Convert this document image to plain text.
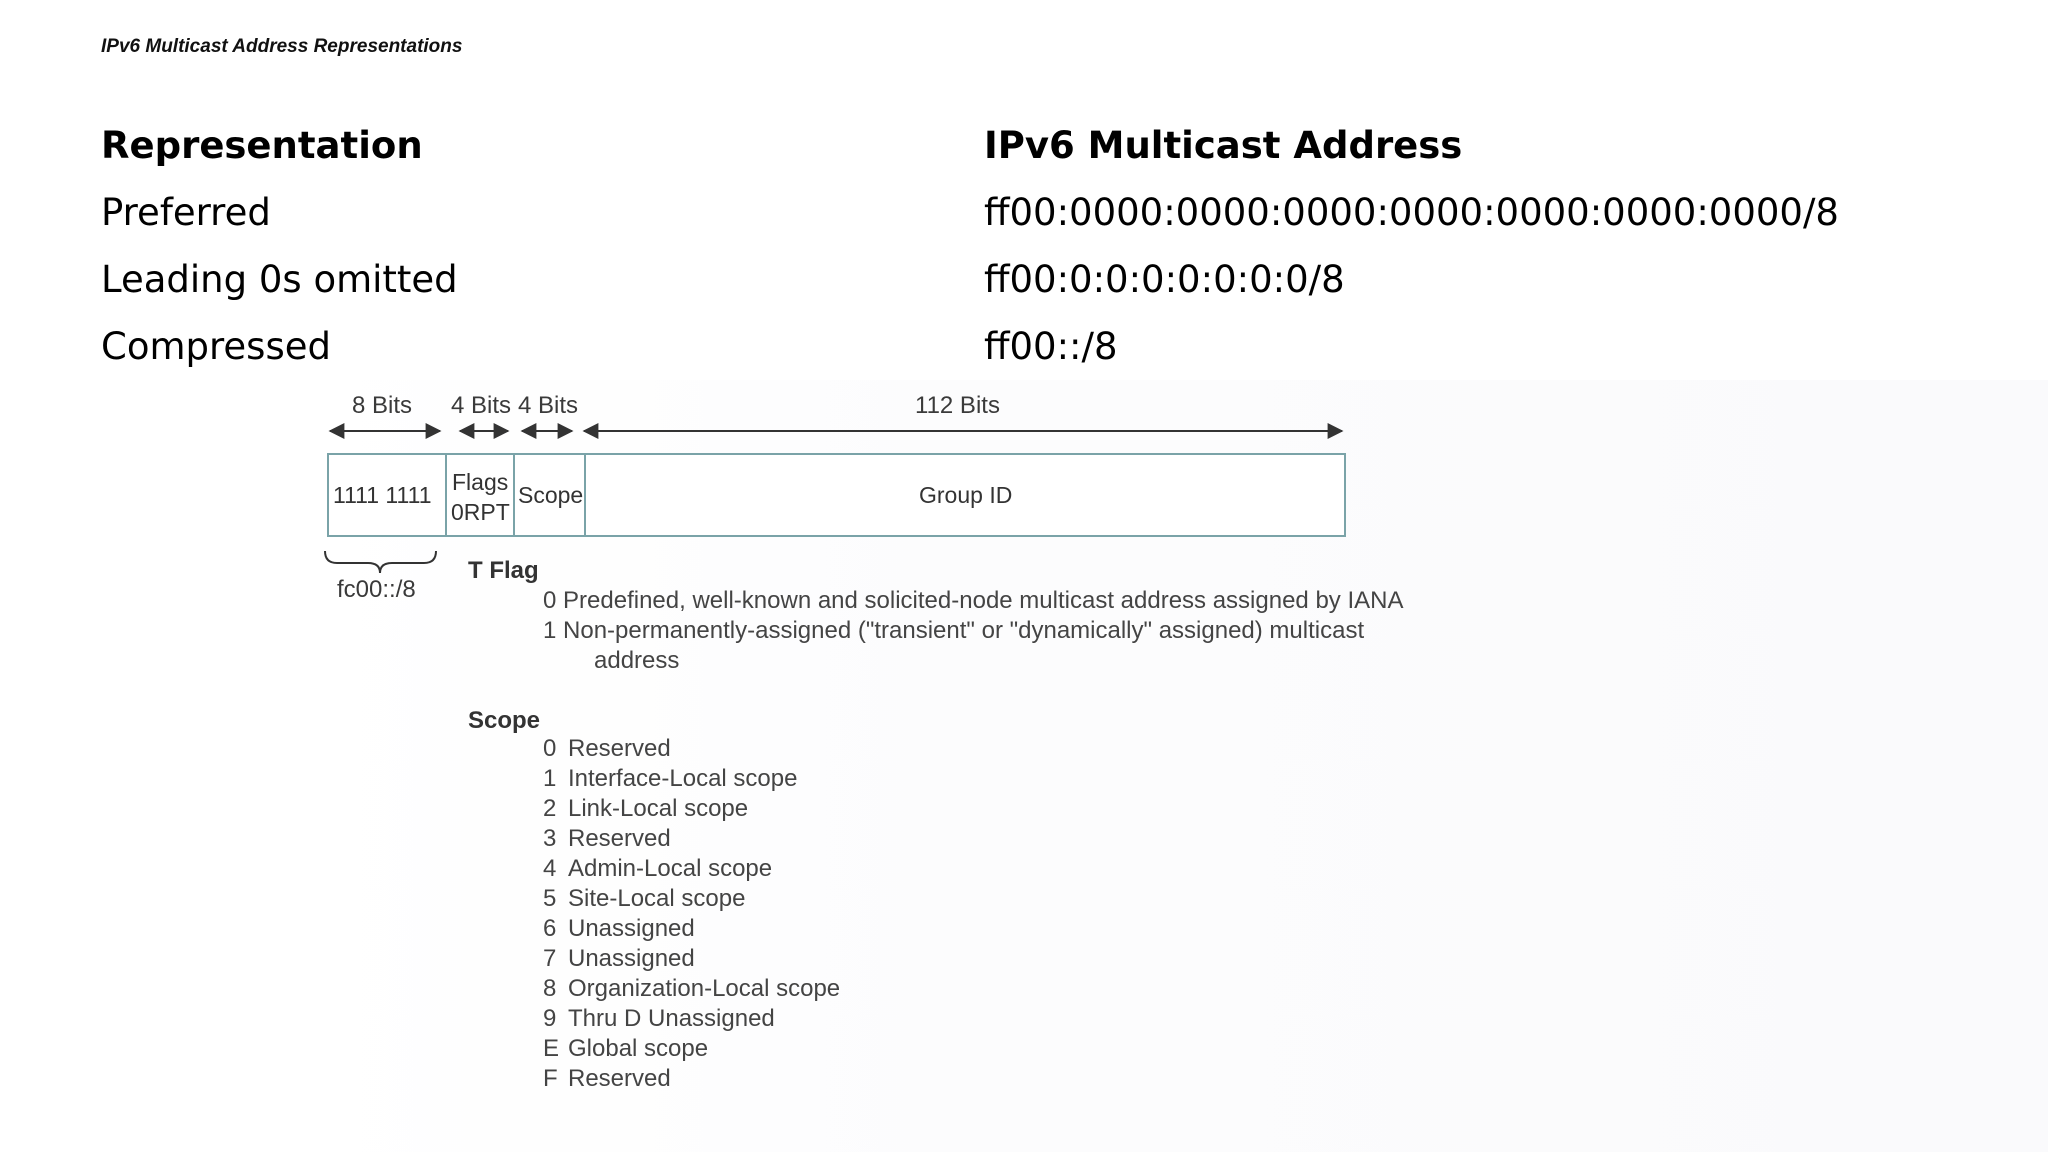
IPv6 Multicast Address Representations
Representation	IPv6 Multicast Address
Preferred	ff00:0000:0000:0000:0000:0000:0000:0000/8
Leading 0s omitted	ff00:0:0:0:0:0:0:0/8
Compressed	ff00::/8
8 Bits 4 Bits 4 Bits	112 Bits
1111 1111 Flags
0RPT
Scope	Group ID
fc00::/8
T Flag
0 Predefined, well-known and solicited-node multicast address assigned by IANA
1 Non-permanently-assigned ("transient" or "dynamically" assigned) multicast
address
Scope
0 Reserved
1 Interface-Local scope
2 Link-Local scope
3 Reserved
4 Admin-Local scope
5 Site-Local scope
6 Unassigned
7 Unassigned
8 Organization-Local scope
9 Thru D Unassigned
E Global scope
F Reserved
